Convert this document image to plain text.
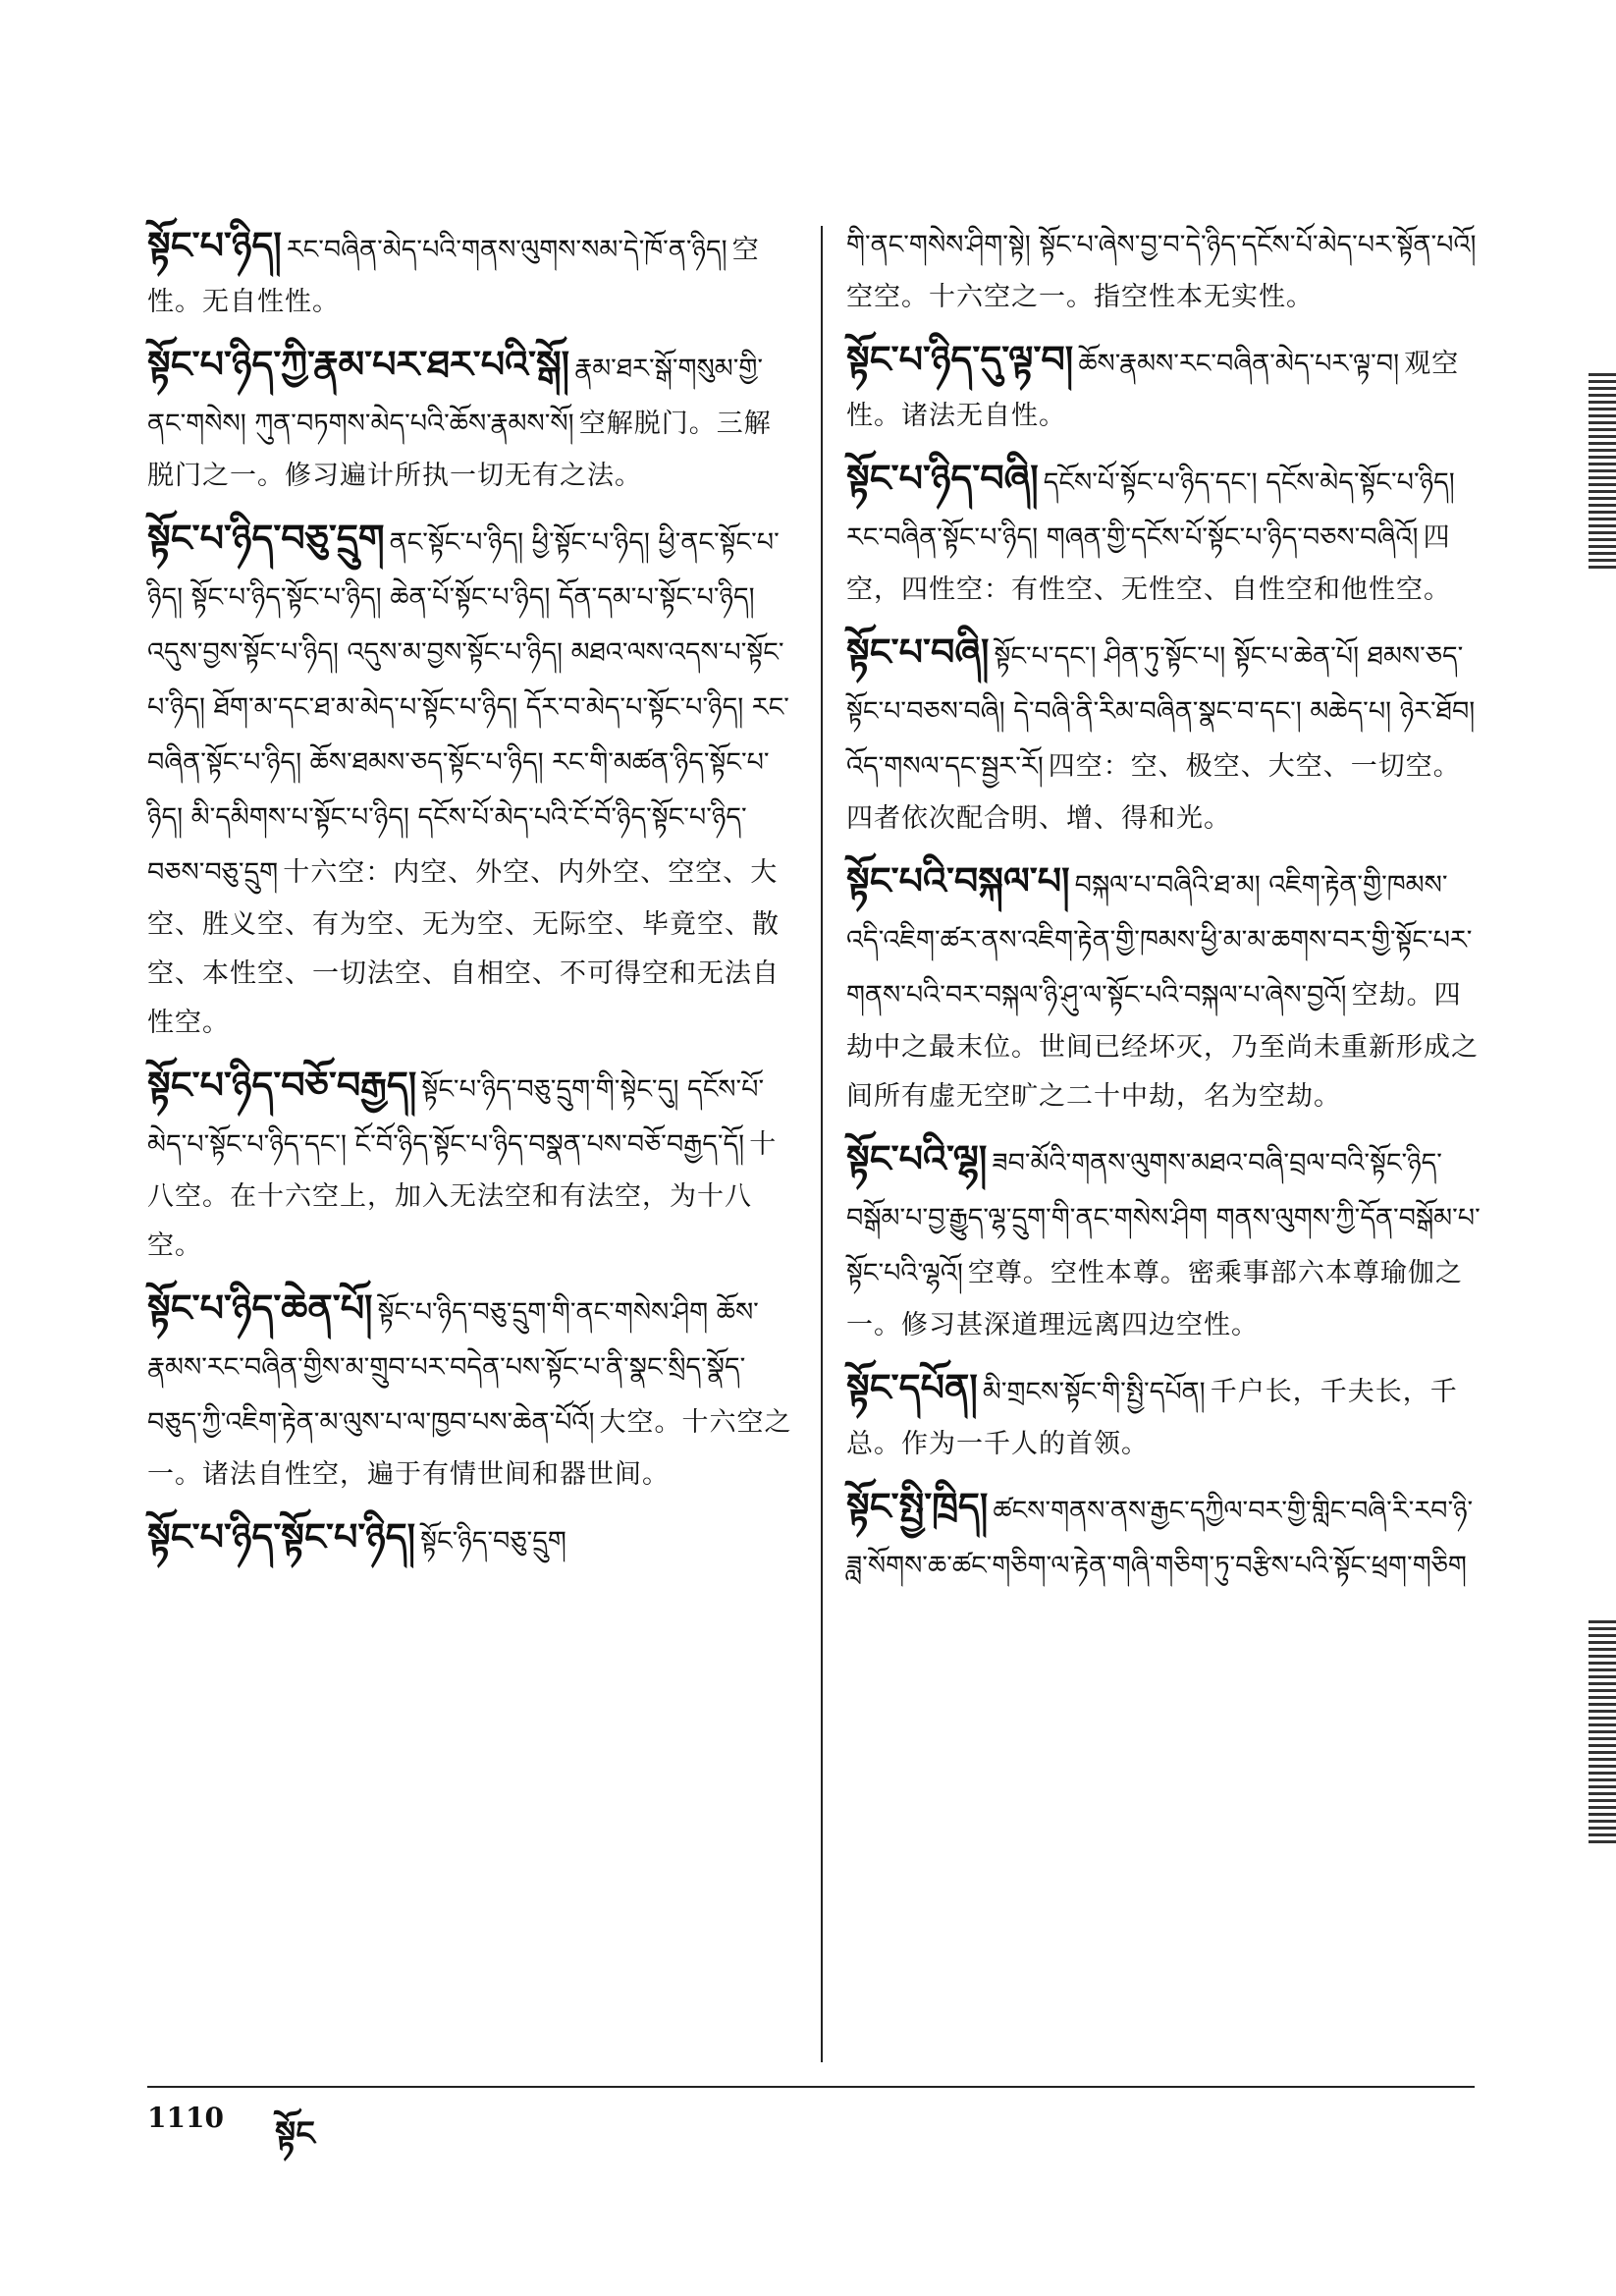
སྟོང་པ་ཉིད། རང་བཞིན་མེད་པའི་གནས་ལུགས་སམ་དེ་ཁོ་ན་ཉིད། 空性。无自性性。
སྟོང་པ་ཉིད་ཀྱི་རྣམ་པར་ཐར་པའི་སྒོ། རྣམ་ཐར་སྒོ་གསུམ་གྱི་ནང་གསེས། ཀུན་བཏགས་མེད་པའི་ཆོས་རྣམས་སོ། 空解脱门。三解脱门之一。修习遍计所执一切无有之法。
སྟོང་པ་ཉིད་བཅུ་དྲུག ནང་སྟོང་པ་ཉིད། ཕྱི་སྟོང་པ་ཉིད། ཕྱི་ནང་སྟོང་པ་ཉིད། སྟོང་པ་ཉིད་སྟོང་པ་ཉིད། ཆེན་པོ་སྟོང་པ་ཉིད། དོན་དམ་པ་སྟོང་པ་ཉིད། འདུས་བྱས་སྟོང་པ་ཉིད། འདུས་མ་བྱས་སྟོང་པ་ཉིད། མཐའ་ལས་འདས་པ་སྟོང་པ་ཉིད། ཐོག་མ་དང་ཐ་མ་མེད་པ་སྟོང་པ་ཉིད། དོར་བ་མེད་པ་སྟོང་པ་ཉིད། རང་བཞིན་སྟོང་པ་ཉིད། ཆོས་ཐམས་ཅད་སྟོང་པ་ཉིད། རང་གི་མཚན་ཉིད་སྟོང་པ་ཉིད། མི་དམིགས་པ་སྟོང་པ་ཉིད། དངོས་པོ་མེད་པའི་ངོ་བོ་ཉིད་སྟོང་པ་ཉིད་བཅས་བཅུ་དྲུག 十六空：内空、外空、内外空、空空、大空、胜义空、有为空、无为空、无际空、毕竟空、散空、本性空、一切法空、自相空、不可得空和无法自性空。
སྟོང་པ་ཉིད་བཅོ་བརྒྱད། སྟོང་པ་ཉིད་བཅུ་དྲུག་གི་སྟེང་དུ། དངོས་པོ་མེད་པ་སྟོང་པ་ཉིད་དང་། ངོ་བོ་ཉིད་སྟོང་པ་ཉིད་བསྣན་པས་བཅོ་བརྒྱད་དོ། 十八空。在十六空上，加入无法空和有法空，为十八空。
སྟོང་པ་ཉིད་ཆེན་པོ། སྟོང་པ་ཉིད་བཅུ་དྲུག་གི་ནང་གསེས་ཤིག ཆོས་རྣམས་རང་བཞིན་གྱིས་མ་གྲུབ་པར་བདེན་པས་སྟོང་པ་ནི་སྣང་སྲིད་སྣོད་བཅུད་ཀྱི་འཇིག་རྟེན་མ་ལུས་པ་ལ་ཁྱབ་པས་ཆེན་པོའོ། 大空。十六空之一。诸法自性空，遍于有情世间和器世间。
སྟོང་པ་ཉིད་སྟོང་པ་ཉིད། སྟོང་ཉིད་བཅུ་དྲུག
གི་ནང་གསེས་ཤིག་སྟེ། སྟོང་པ་ཞེས་བྱ་བ་དེ་ཉིད་དངོས་པོ་མེད་པར་སྟོན་པའོ། 空空。十六空之一。指空性本无实性。
སྟོང་པ་ཉིད་དུ་ལྟ་བ། ཆོས་རྣམས་རང་བཞིན་མེད་པར་ལྟ་བ། 观空性。诸法无自性。
སྟོང་པ་ཉིད་བཞི། དངོས་པོ་སྟོང་པ་ཉིད་དང་། དངོས་མེད་སྟོང་པ་ཉིད། རང་བཞིན་སྟོང་པ་ཉིད། གཞན་གྱི་དངོས་པོ་སྟོང་པ་ཉིད་བཅས་བཞིའོ། 四空，四性空：有性空、无性空、自性空和他性空。
སྟོང་པ་བཞི། སྟོང་པ་དང་། ཤིན་ཏུ་སྟོང་པ། སྟོང་པ་ཆེན་པོ། ཐམས་ཅད་སྟོང་པ་བཅས་བཞི། དེ་བཞི་ནི་རིམ་བཞིན་སྣང་བ་དང་། མཆེད་པ། ཉེར་ཐོབ། འོད་གསལ་དང་སྦྱར་རོ། 四空：空、极空、大空、一切空。四者依次配合明、增、得和光。
སྟོང་པའི་བསྐལ་པ། བསྐལ་པ་བཞིའི་ཐ་མ། འཇིག་རྟེན་གྱི་ཁམས་འདི་འཇིག་ཚར་ནས་འཇིག་རྟེན་གྱི་ཁམས་ཕྱི་མ་མ་ཆགས་བར་གྱི་སྟོང་པར་གནས་པའི་བར་བསྐལ་ཉི་ཤུ་ལ་སྟོང་པའི་བསྐལ་པ་ཞེས་བྱའོ། 空劫。四劫中之最末位。世间已经坏灭，乃至尚未重新形成之间所有虚无空旷之二十中劫，名为空劫。
སྟོང་པའི་ལྷ། ཟབ་མོའི་གནས་ལུགས་མཐའ་བཞི་བྲལ་བའི་སྟོང་ཉིད་བསྒོམ་པ་བྱ་རྒྱུད་ལྷ་དྲུག་གི་ནང་གསེས་ཤིག གནས་ལུགས་ཀྱི་དོན་བསྒོམ་པ་སྟོང་པའི་ལྷའོ། 空尊。空性本尊。密乘事部六本尊瑜伽之一。修习甚深道理远离四边空性。
སྟོང་དཔོན། མི་གྲངས་སྟོང་གི་སྤྱི་དཔོན། 千户长，千夫长，千总。作为一千人的首领。
སྟོང་སྤྱི་ཁྲིད། ཚངས་གནས་ནས་རྒྱང་དཀྱིལ་བར་གྱི་གླིང་བཞི་རི་རབ་ཉི་ཟླ་སོགས་ཆ་ཚང་གཅིག་ལ་རྟེན་གཞི་གཅིག་ཏུ་བརྩིས་པའི་སྟོང་ཕྲག་གཅིག
1110 སྟོང
